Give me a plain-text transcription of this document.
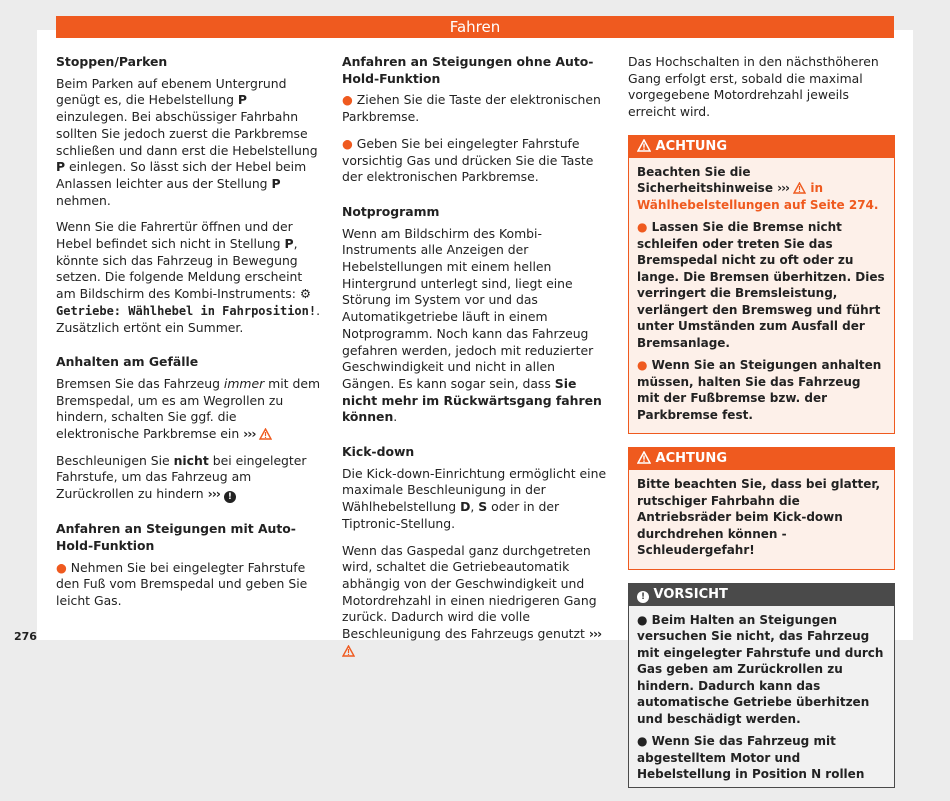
Fahren
Stoppen/Parken

Beim Parken auf ebenem Untergrund genügt es, die Hebelstellung P einzulegen. Bei abschüssiger Fahrbahn sollten Sie jedoch zuerst die Parkbremse schließen und dann erst die Hebelstellung P einlegen. So lässt sich der Hebel beim Anlassen leichter aus der Stellung P nehmen.

Wenn Sie die Fahrertür öffnen und der Hebel befindet sich nicht in Stellung P, könnte sich das Fahrzeug in Bewegung setzen. Die folgende Meldung erscheint am Bildschirm des Kombi-Instruments: ⚙ Getriebe: Wählhebel in Fahrposition!. Zusätzlich ertönt ein Summer.

Anhalten am Gefälle

Bremsen Sie das Fahrzeug immer mit dem Bremspedal, um es am Wegrollen zu hindern, schalten Sie ggf. die elektronische Parkbremse ein ›››

Beschleunigen Sie nicht bei eingelegter Fahrstufe, um das Fahrzeug am Zurückrollen zu hindern ››› !

Anfahren an Steigungen mit Auto-Hold-Funktion
● Nehmen Sie bei eingelegter Fahrstufe den Fuß vom Bremspedal und geben Sie leicht Gas.
Anfahren an Steigungen ohne Auto-Hold-Funktion
● Ziehen Sie die Taste der elektronischen Parkbremse.
● Geben Sie bei eingelegter Fahrstufe vorsichtig Gas und drücken Sie die Taste der elektronischen Parkbremse.
Notprogramm

Wenn am Bildschirm des Kombi-Instruments alle Anzeigen der Hebelstellungen mit einem hellen Hintergrund unterlegt sind, liegt eine Störung im System vor und das Automatikgetriebe läuft in einem Notprogramm. Noch kann das Fahrzeug gefahren werden, jedoch mit reduzierter Geschwindigkeit und nicht in allen Gängen. Es kann sogar sein, dass Sie nicht mehr im Rückwärtsgang fahren können.

Kick-down

Die Kick-down-Einrichtung ermöglicht eine maximale Beschleunigung in der Wählhebelstellung D, S oder in der Tiptronic-Stellung.

Wenn das Gaspedal ganz durchgetreten wird, schaltet die Getriebeautomatik abhängig von der Geschwindigkeit und Motordrehzahl in einen niedrigeren Gang zurück. Dadurch wird die volle Beschleunigung des Fahrzeugs genutzt ›››

Das Hochschalten in den nächsthöheren Gang erfolgt erst, sobald die maximal vorgegebene Motordrehzahl jeweils erreicht wird.

ACHTUNG

Beachten Sie die Sicherheitshinweise ›››  in Wählhebelstellungen auf Seite 274.

● Lassen Sie die Bremse nicht schleifen oder treten Sie das Bremspedal nicht zu oft oder zu lange. Die Bremsen überhitzen. Dies verringert die Bremsleistung, verlängert den Bremsweg und führt unter Umständen zum Ausfall der Bremsanlage.
● Wenn Sie an Steigungen anhalten müssen, halten Sie das Fahrzeug mit der Fußbremse bzw. der Parkbremse fest.
ACHTUNG

Bitte beachten Sie, dass bei glatter, rutschiger Fahrbahn die Antriebsräder beim Kick-down durchdrehen können - Schleudergefahr!

! VORSICHT
● Beim Halten an Steigungen versuchen Sie nicht, das Fahrzeug mit eingelegter Fahrstufe und durch Gas geben am Zurückrollen zu hindern. Dadurch kann das automatische Getriebe überhitzen und beschädigt werden.
● Wenn Sie das Fahrzeug mit abgestelltem Motor und Hebelstellung in Position N rollen
276
